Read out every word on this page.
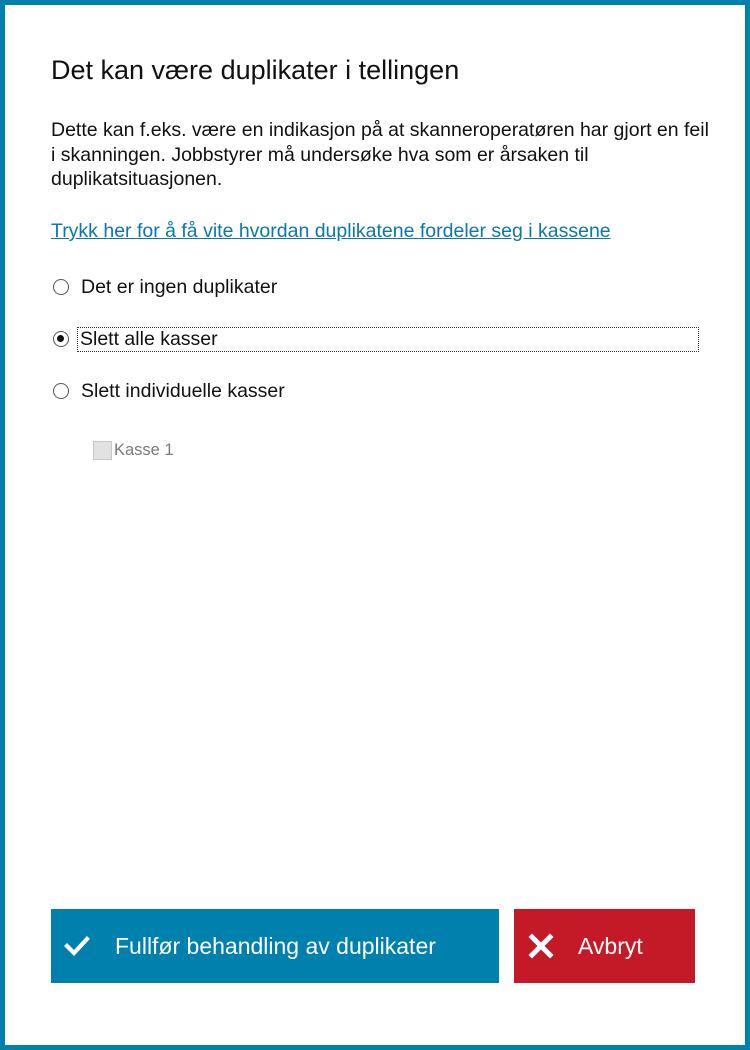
Det kan være duplikater i tellingen

Dette kan f.eks. være en indikasjon på at skanneroperatøren har gjort en feil i skanningen. Jobbstyrer må undersøke hva som er årsaken til duplikatsituasjonen.

Trykk her for å få vite hvordan duplikatene fordeler seg i kassene
Det er ingen duplikater
Slett alle kasser
Slett individuelle kasser
Kasse 1
Fullfør behandling av duplikater	Avbryt
